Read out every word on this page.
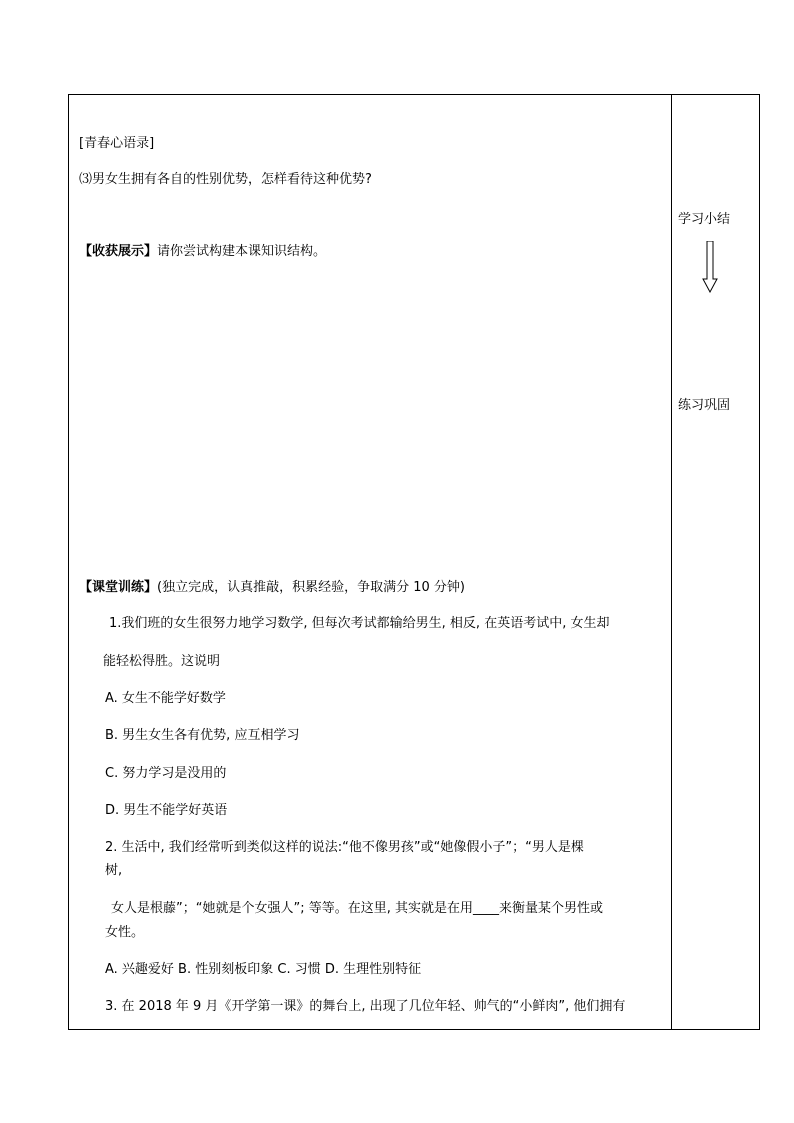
[青春心语录]
⑶男女生拥有各自的性别优势，怎样看待这种优势?
【收获展示】请你尝试构建本课知识结构。
【课堂训练】(独立完成，认真推敲，积累经验，争取满分 10 分钟)
1.我们班的女生很努力地学习数学, 但每次考试都输给男生, 相反, 在英语考试中, 女生却
能轻松得胜。这说明
A. 女生不能学好数学
B. 男生女生各有优势, 应互相学习
C. 努力学习是没用的
D. 男生不能学好英语
2. 生活中, 我们经常听到类似这样的说法:“他不像男孩”或“她像假小子”；“男人是棵
树,
女人是根藤”；“她就是个女强人”; 等等。在这里, 其实就是在用____来衡量某个男性或
女性。
A. 兴趣爱好 B. 性别刻板印象 C. 习惯 D. 生理性别特征
3. 在 2018 年 9 月《开学第一课》的舞台上, 出现了几位年轻、帅气的“小鲜肉”, 他们拥有
学习小结
练习巩固
